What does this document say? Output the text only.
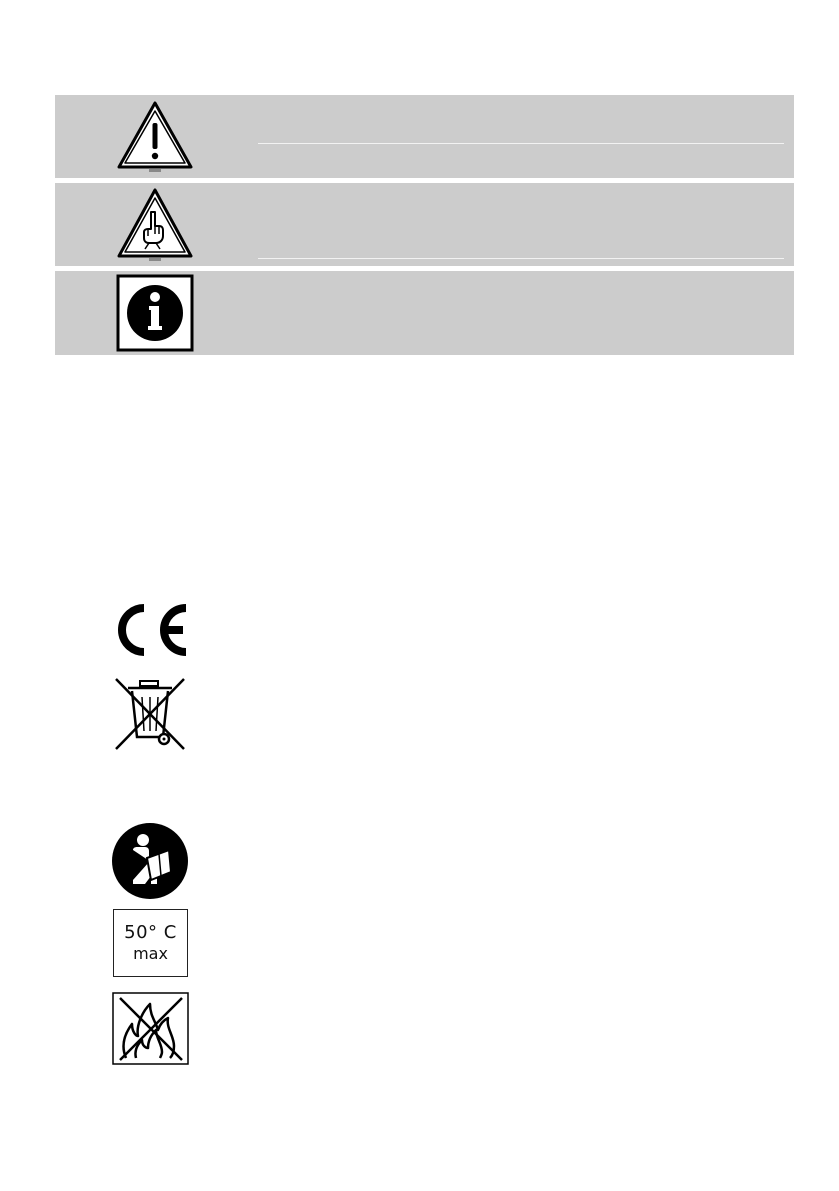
50° C
max
